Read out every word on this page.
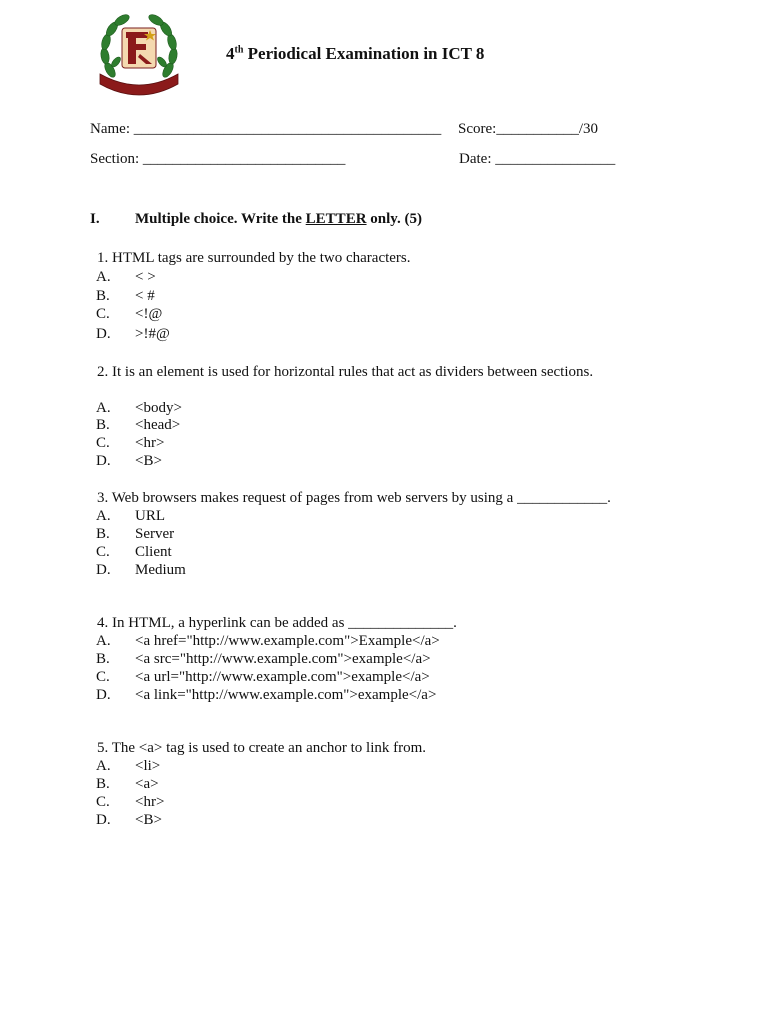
4th Periodical Examination in ICT 8
Name: _________________________________________ Score:___________/30
Section: ___________________________	Date: ________________
I. Multiple choice. Write the LETTER only. (5)
1. HTML tags are surrounded by the two characters.
A. < >
B. < #
C. <!@
D. >!#@
2. It is an element is used for horizontal rules that act as dividers between sections.
A. <body>
B. <head>
C. <hr>
D. <B>
3. Web browsers makes request of pages from web servers by using a ____________.
A. URL
B. Server
C. Client
D. Medium
4. In HTML, a hyperlink can be added as ______________.
A. <a href="http://www.example.com">Example</a>
B. <a src="http://www.example.com">example</a>
C. <a url="http://www.example.com">example</a>
D. <a link="http://www.example.com">example</a>
5. The <a> tag is used to create an anchor to link from.
A. <li>
B. <a>
C. <hr>
D. <B>
